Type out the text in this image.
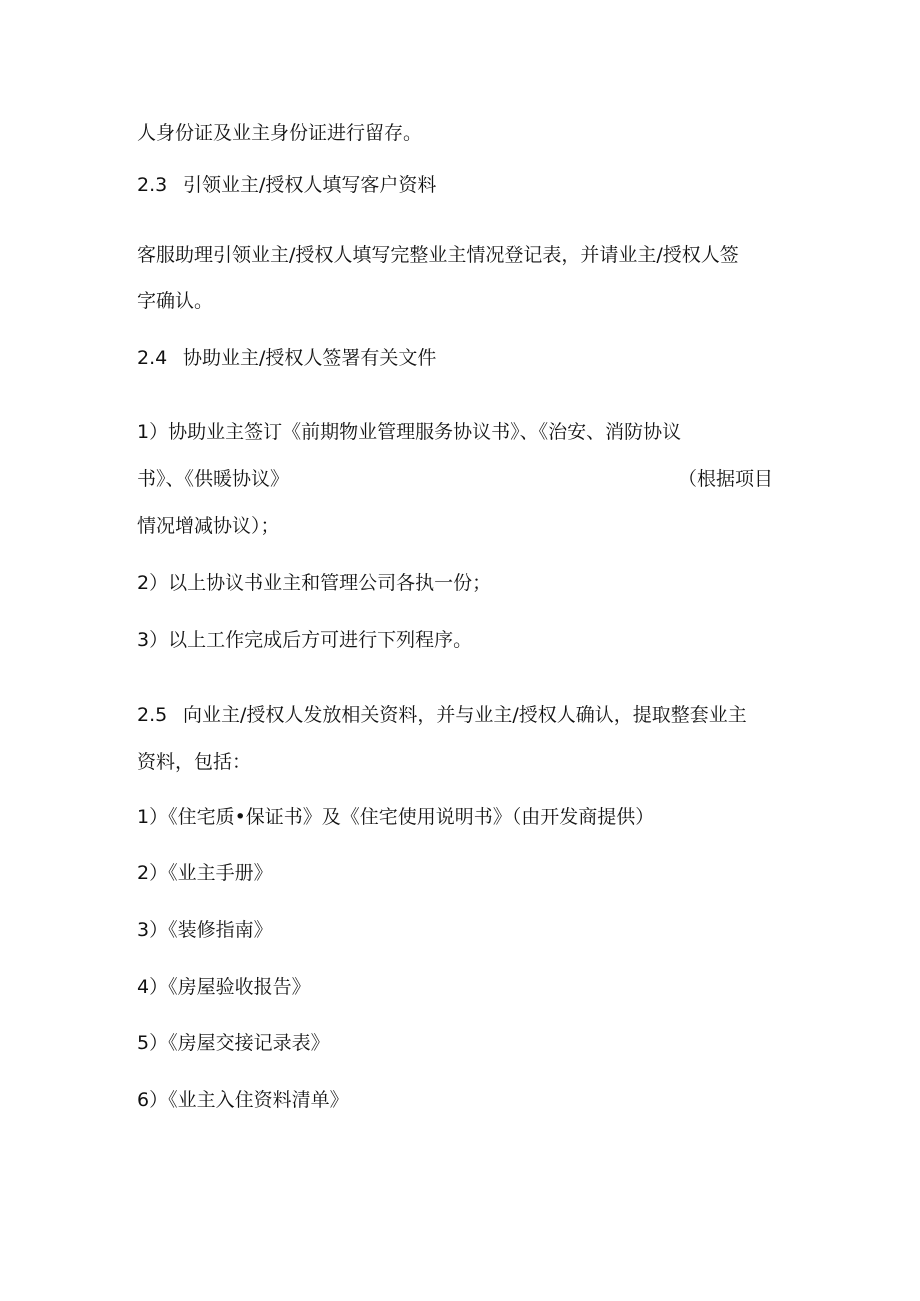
人身份证及业主身份证进行留存。

2.3 引领业主/授权人填写客户资料

客服助理引领业主/授权人填写完整业主情况登记表，并请业主/授权人签

字确认。

2.4 协助业主/授权人签署有关文件

1）协助业主签订《前期物业管理服务协议书》、《治安、消防协议

书》、《供暖协议》	（根据项目

情况增减协议）；

2）以上协议书业主和管理公司各执一份；

3）以上工作完成后方可进行下列程序。

2.5 向业主/授权人发放相关资料，并与业主/授权人确认，提取整套业主

资料，包括：

1）《住宅质•保证书》及《住宅使用说明书》（由开发商提供）

2）《业主手册》

3）《装修指南》

4）《房屋验收报告》

5）《房屋交接记录表》

6）《业主入住资料清单》
